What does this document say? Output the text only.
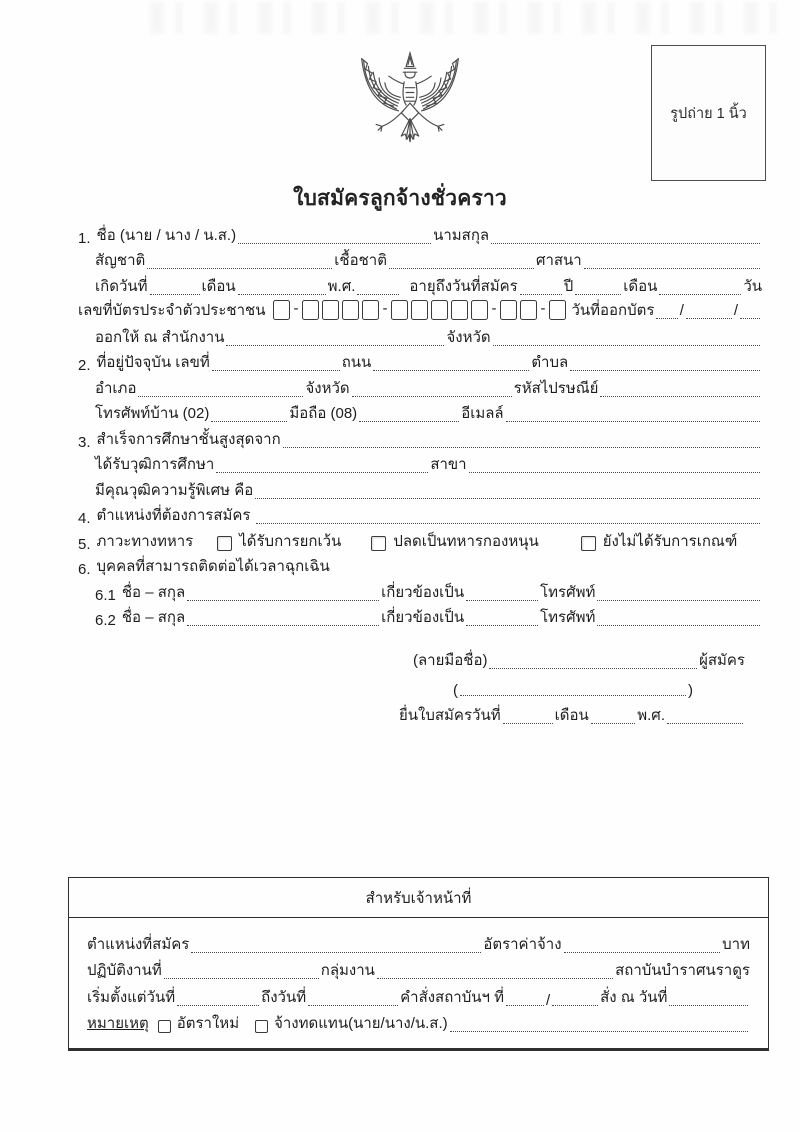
รูปถ่าย 1 นิ้ว
ใบสมัครลูกจ้างชั่วคราว
1. ชื่อ (นาย / นาง / น.ส.)	นามสกุล
สัญชาติ	เชื้อชาติ	ศาสนา
เกิดวันที่	เดือน	พ.ศ.	อายุถึงวันที่สมัคร	ปี	เดือน	วัน
เลขที่บัตรประจำตัวประชาชน -	-	-	- วันที่ออกบัตร /	/
ออกให้ ณ สำนักงาน	จังหวัด
2. ที่อยู่ปัจจุบัน เลขที่	ถนน	ตำบล
อำเภอ	จังหวัด	รหัสไปรษณีย์
โทรศัพท์บ้าน (02)	มือถือ (08)	อีเมลล์
3. สำเร็จการศึกษาชั้นสูงสุดจาก
ได้รับวุฒิการศึกษา	สาขา
มีคุณวุฒิความรู้พิเศษ คือ
4. ตำแหน่งที่ต้องการสมัคร
5. ภาวะทางทหาร	ได้รับการยกเว้น	ปลดเป็นทหารกองหนุน	ยังไม่ได้รับการเกณฑ์
6. บุคคลที่สามารถติดต่อได้เวลาฉุกเฉิน
6.1 ชื่อ – สกุล	เกี่ยวข้องเป็น	โทรศัพท์
6.2 ชื่อ – สกุล	เกี่ยวข้องเป็น	โทรศัพท์
(ลายมือชื่อ)	ผู้สมัคร
(	)
ยื่นใบสมัครวันที่	เดือน	พ.ศ.
สำหรับเจ้าหน้าที่
ตำแหน่งที่สมัคร	อัตราค่าจ้าง	บาท
ปฏิบัติงานที่	กลุ่มงาน	สถาบันบำราศนราดูร
เริ่มตั้งแต่วันที่	ถึงวันที่	คำสั่งสถาบันฯ ที่	/	สั่ง ณ วันที่
หมายเหตุ อัตราใหม่ จ้างทดแทน(นาย/นาง/น.ส.)
